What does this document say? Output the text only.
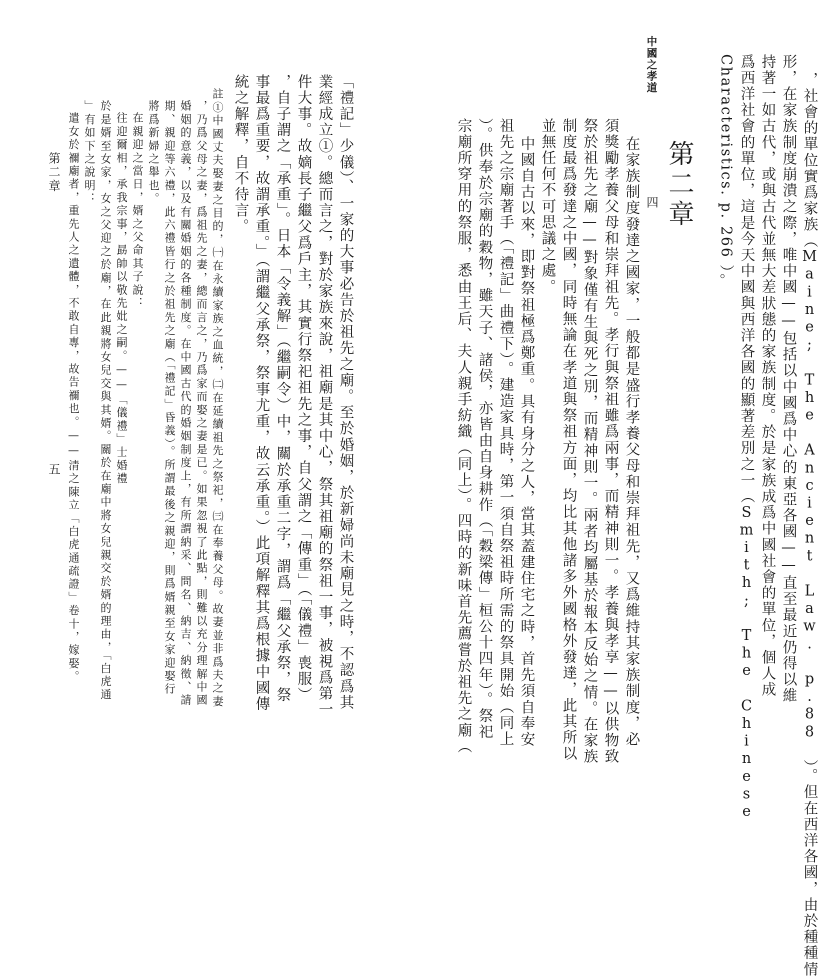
中國之孝道
四	，社會的單位實爲家族（Maine; The Ancient Law. p.88 ）。但在西洋各國，由於種種情
形，在家族制度崩潰之際，唯中國——包括以中國爲中心的東亞各國——直至最近仍得以維
持著一如古代，或與古代並無大差狀態的家族制度。於是家族成爲中國社會的單位，個人成
爲西洋社會的單位，這是今天中國與西洋各國的顯著差別之一（Smith; The Chinese
Characteristics. p. 266 ）。
第二章
在家族制度發達之國家，一般都是盛行孝養父母和崇拜祖先，又爲維持其家族制度，必
須獎勵孝養父母和崇拜祖先。孝行與祭祖雖爲兩事，而精神則一。孝養與孝享——以供物致
祭於祖先之廟——對象僅有生與死之別，而精神則一。兩者均屬基於報本反始之情。在家族
制度最爲發達之中國，同時無論在孝道與祭祖方面，均比其他諸多外國格外發達，此其所以
並無任何不可思議之處。
中國自古以來，即對祭祖極爲鄭重。具有身分之人，當其蓋建住宅之時，首先須自奉安
祖先之宗廟著手（「禮記」曲禮下）。建造家具時，第一須自祭祖時所需的祭具開始（同上
）。供奉於宗廟的穀物，雖天子、諸侯，亦皆由自身耕作（「穀梁傳」桓公十四年）。祭祀
宗廟所穿用的祭服，悉由王后、夫人親手紡織（同上）。四時的新味首先薦嘗於祖先之廟（
「禮記」少儀）、一家的大事必告於祖先之廟。至於婚姻，於新婦尚未廟見之時，不認爲其
業經成立①。總而言之，對於家族來說，祖廟是其中心，祭其祖廟的祭祖一事，被視爲第一
件大事。故嫡長子繼父爲戶主，其實行祭祀祖先之事，自父謂之「傳重」（「儀禮」喪服）
，自子謂之「承重」。日本「令義解」（繼嗣令）中，關於承重二字，謂爲「繼父承祭，祭
事最爲重要，故謂承重。」（謂繼父承祭，祭事尤重，故云承重。）此項解釋其爲根據中國傳
統之解釋，自不待言。
註①中國丈夫娶妻之目的，㈠在永續家族之血統，㈡在延續祖先之祭祀，㈢在奉養父母。故妻並非爲夫之妻
，乃爲父母之妻，爲祖先之妻，總而言之，乃爲家而娶之妻是已。如果忽視了此點，則難以充分理解中國
婚姻的意義，以及有關婚姻的各種制度。在中國古代的婚姻制度上，有所謂納采、問名、納吉、納徵、請
期、親迎等六禮，此六禮皆行之於祖先之廟（「禮記」昏義）。所謂最後之親迎，則爲婿親至女家迎娶行
將爲新婦之舉也。
在親迎之當日，婿之父命其子說：
往迎爾相，承我宗事，勗帥以敬先妣之嗣。——「儀禮」士婚禮
於是婿至女家，女之父迎之於廟，在此親將女兒交與其婿。關於在廟中將女兒親交於婿的理由，「白虎通
」有如下之說明：
遣女於禰廟者，重先人之遺體，不敢自專，故告禰也。——清之陳立「白虎通疏證」卷十，嫁娶。
第二章
五
